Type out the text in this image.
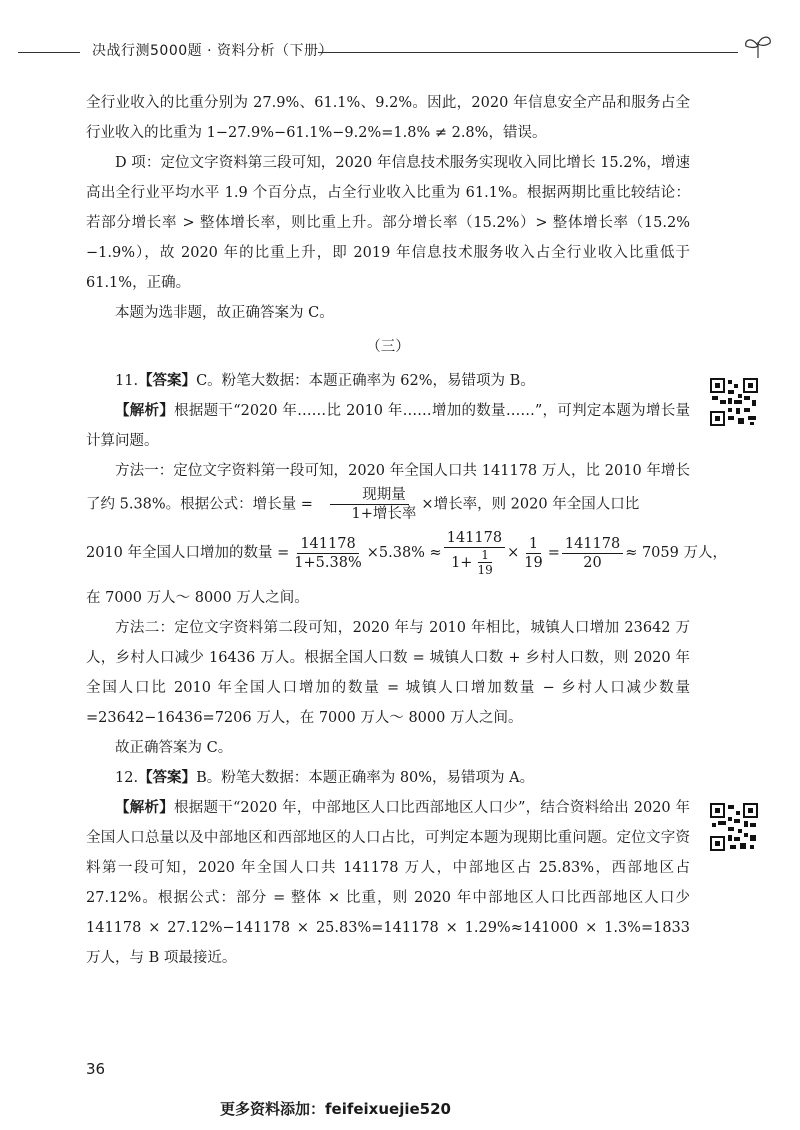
决战行测5000题 · 资料分析（下册）

全行业收入的比重分别为 27.9%、61.1%、9.2%。因此，2020 年信息安全产品和服务占全行业收入的比重为 1−27.9%−61.1%−9.2%=1.8% ≠ 2.8%，错误。

D 项：定位文字资料第三段可知，2020 年信息技术服务实现收入同比增长 15.2%，增速高出全行业平均水平 1.9 个百分点，占全行业收入比重为 61.1%。根据两期比重比较结论：若部分增长率 > 整体增长率，则比重上升。部分增长率（15.2%）> 整体增长率（15.2%−1.9%），故 2020 年的比重上升，即 2019 年信息技术服务收入占全行业收入比重低于 61.1%，正确。

本题为选非题，故正确答案为 C。

（三）

11.【答案】C。粉笔大数据：本题正确率为 62%，易错项为 B。

【解析】根据题干“2020 年……比 2010 年……增加的数量……”，可判定本题为增长量计算问题。

方法一：定位文字资料第一段可知，2020 年全国人口共 141178 万人，比 2010 年增长了约 5.38%。根据公式：增长量 = $\frac{\text{现期量}}{\text{1+增长率}}$ ×增长率，则 2020 年全国人口比

2010 年全国人口增加的数量 = $\frac{141178}{1+5.38\%} \times 5.38\% \approx \frac{141178}{1+ \frac{1}{19}} \times \frac{1}{19} = \frac{141178}{20} \approx 7059$ 万人，

在 7000 万人～ 8000 万人之间。

方法二：定位文字资料第二段可知，2020 年与 2010 年相比，城镇人口增加 23642 万人，乡村人口减少 16436 万人。根据全国人口数 = 城镇人口数 + 乡村人口数，则 2020 年全国人口比 2010 年全国人口增加的数量 = 城镇人口增加数量 − 乡村人口减少数量 =23642−16436=7206 万人，在 7000 万人～ 8000 万人之间。

故正确答案为 C。

12.【答案】B。粉笔大数据：本题正确率为 80%，易错项为 A。

【解析】根据题干“2020 年，中部地区人口比西部地区人口少”，结合资料给出 2020 年全国人口总量以及中部地区和西部地区的人口占比，可判定本题为现期比重问题。定位文字资料第一段可知，2020 年全国人口共 141178 万人，中部地区占 25.83%，西部地区占 27.12%。根据公式：部分 = 整体 × 比重，则 2020 年中部地区人口比西部地区人口少 141178 × 27.12%−141178 × 25.83%=141178 × 1.29%≈141000 × 1.3%=1833 万人，与 B 项最接近。

36
更多资料添加：feifeixuejie520
